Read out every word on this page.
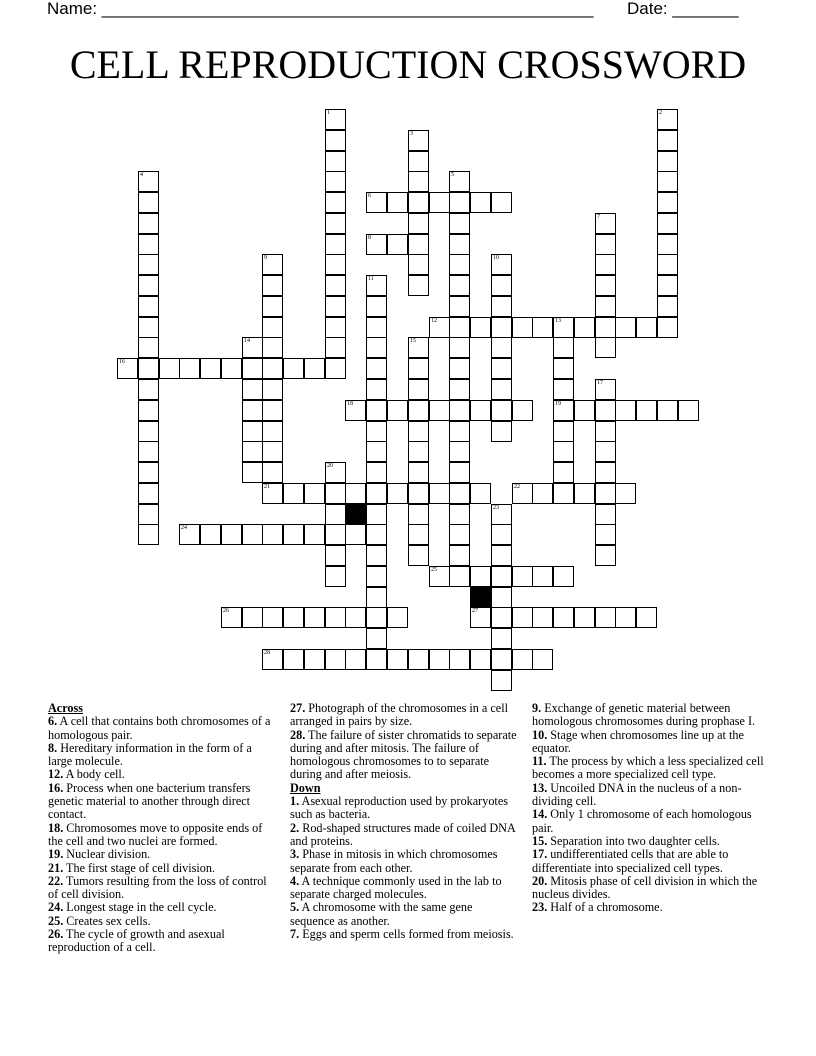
Name: ____________________________________________________ Date: _______
CELL REPRODUCTION CROSSWORD
1	2
3
4	5
6
7
8
9
21
10
11
12	13
19
14	15
16
17
18
20
22
23
24
25
26	27
28

Across

6. A cell that contains both chromosomes of a homologous pair.

8. Hereditary information in the form of a large molecule.

12. A body cell.

16. Process when one bacterium transfers genetic material to another through direct contact.

18. Chromosomes move to opposite ends of the cell and two nuclei are formed.

19. Nuclear division.

21. The first stage of cell division.

22. Tumors resulting from the loss of control of cell division.

24. Longest stage in the cell cycle.

25. Creates sex cells.

26. The cycle of growth and asexual reproduction of a cell.

27. Photograph of the chromosomes in a cell arranged in pairs by size.

28. The failure of sister chromatids to separate during and after mitosis. The failure of homologous chromosomes to to separate during and after meiosis.

Down

1. Asexual reproduction used by prokaryotes such as bacteria.

2. Rod-shaped structures made of coiled DNA and proteins.

3. Phase in mitosis in which chromosomes separate from each other.

4. A technique commonly used in the lab to separate charged molecules.

5. A chromosome with the same gene sequence as another.

7. Eggs and sperm cells formed from meiosis.

9. Exchange of genetic material between homologous chromosomes during prophase I.

10. Stage when chromosomes line up at the equator.

11. The process by which a less specialized cell becomes a more specialized cell type.

13. Uncoiled DNA in the nucleus of a non-dividing cell.

14. Only 1 chromosome of each homologous pair.

15. Separation into two daughter cells.

17. undifferentiated cells that are able to differentiate into specialized cell types.

20. Mitosis phase of cell division in which the nucleus divides.

23. Half of a chromosome.
